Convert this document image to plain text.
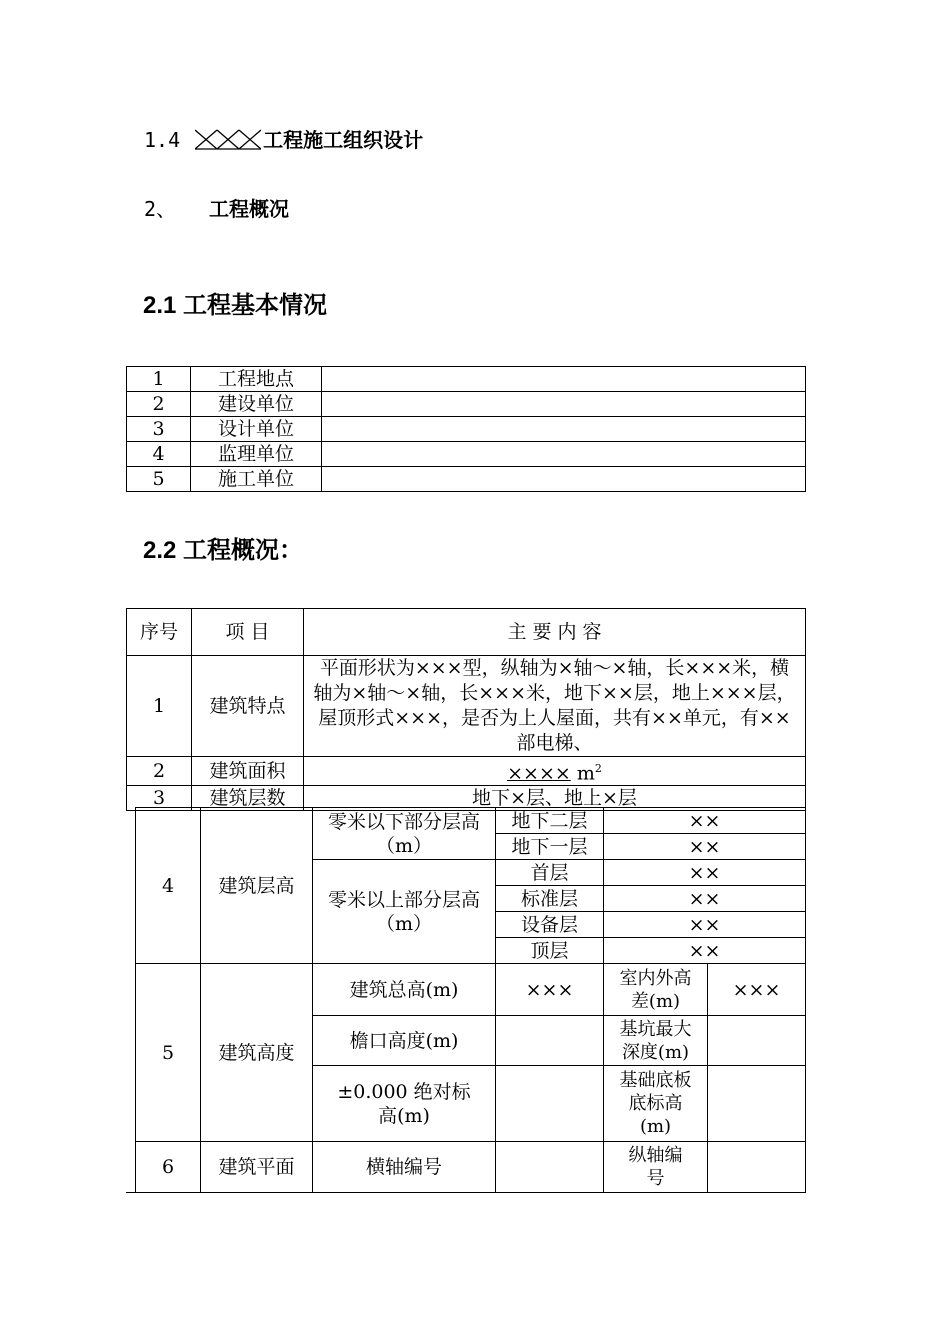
1.4	工程施工组织设计
2、 工程概况
2.1 工程基本情况
1	工程地点	
2	建设单位	
3	设计单位	
4	监理单位	
5	施工单位	
2.2 工程概况：
序号	项 目	主 要 内 容
1	建筑特点	平面形状为×××型，纵轴为×轴～×轴，长×××米，横轴为×轴～×轴，长×××米，地下××层，地上×××层，屋顶形式×××，是否为上人屋面，共有××单元，有××部电梯、
2	建筑面积	×××× $m^2$
3	建筑层数	地下×层、地上×层
4	建筑层高	零米以下部分层高（m）	地下二层	××	
			地下一层	××	
		零米以上部分层高（m）	首层	××	
			标准层	××	
			设备层	××	
			顶层	××	
5	建筑高度	建筑总高(m)	×××	室内外高差(m)	×××
		檐口高度(m)		基坑最大深度(m)	
		±0.000 绝对标高(m)		基础底板底标高(m)	
6	建筑平面	横轴编号		纵轴编号	
